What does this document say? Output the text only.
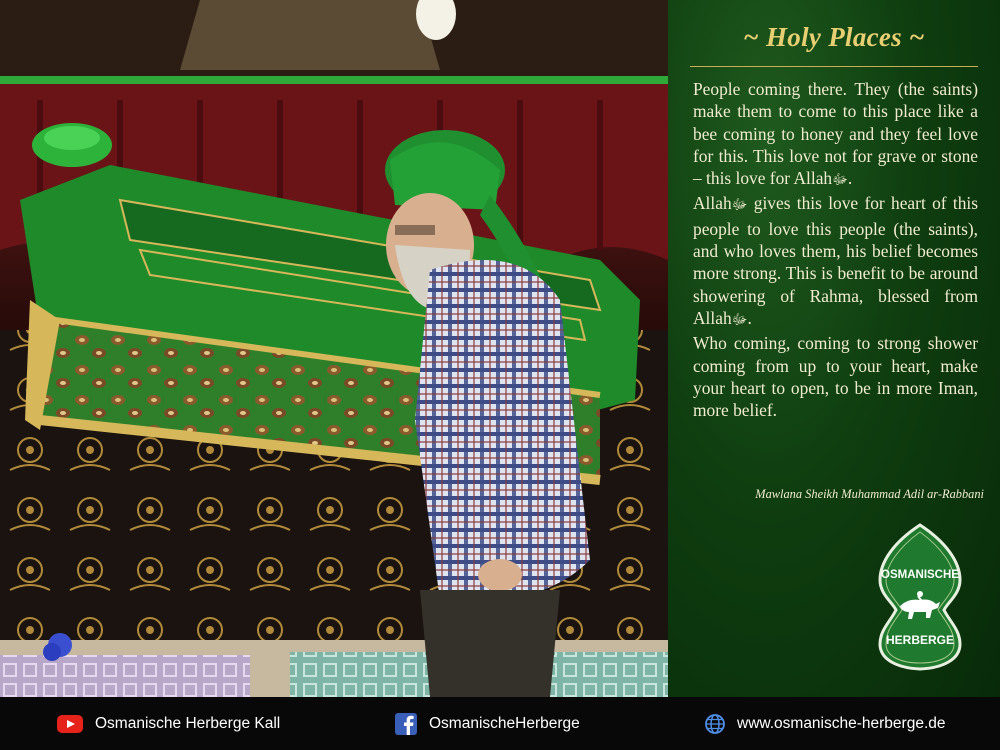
~ Holy Places ~

People coming there. They (the saints) make them to come to this place like a bee coming to honey and they feel love for this. This love not for grave or stone – this love for Allahﷻ.

Allahﷻ gives this love for heart of this people to love this people (the saints), and who loves them, his belief becomes more strong. This is benefit to be around showering of Rahma, blessed from Allahﷻ.

Who coming, coming to strong shower coming from up to your heart, make your heart to open, to be in more Iman, more belief.

Mawlana Sheikh Muhammad Adil ar-Rabbani
OSMANISCHE
HERBERGE
Osmanische Herberge Kall	OsmanischeHerberge	www.osmanische-herberge.de
